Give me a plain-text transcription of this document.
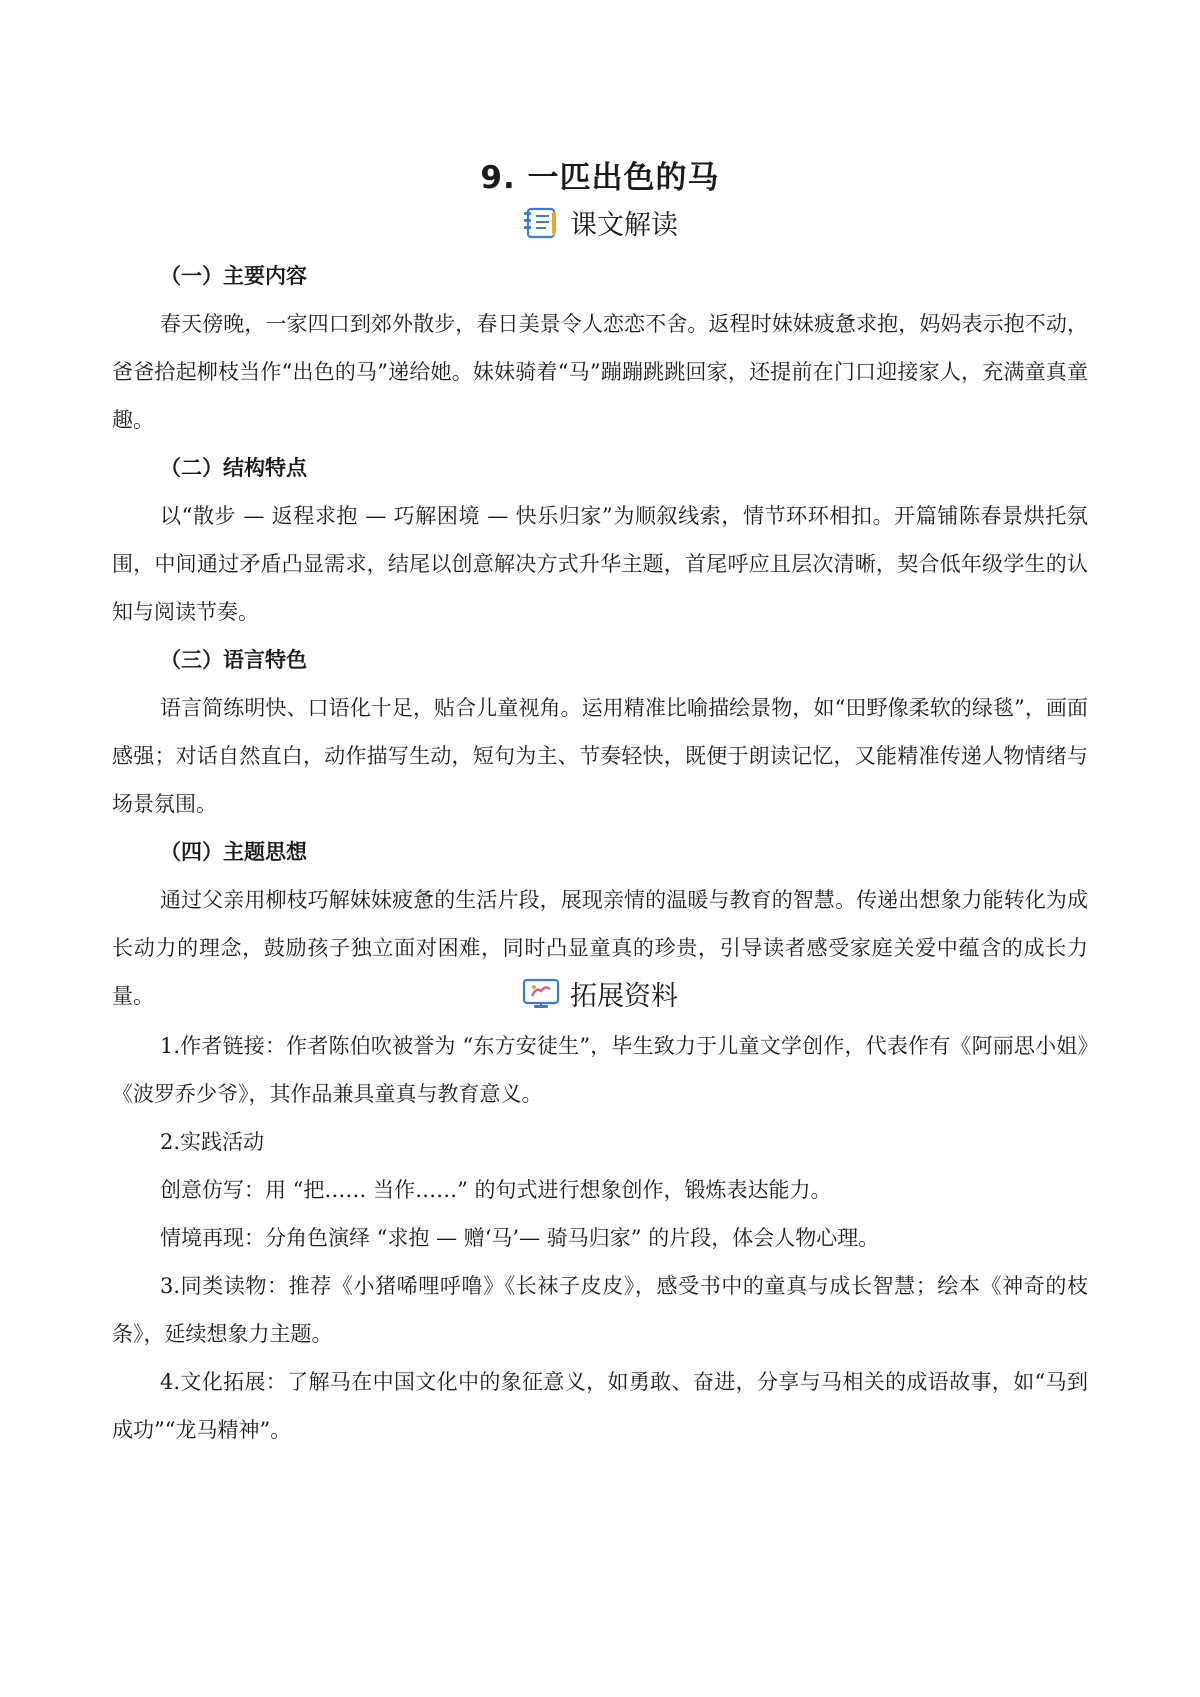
9. 一匹出色的马
课文解读
（一）主要内容

春天傍晚，一家四口到郊外散步，春日美景令人恋恋不舍。返程时妹妹疲惫求抱，妈妈表示抱不动，爸爸拾起柳枝当作“出色的马”递给她。妹妹骑着“马”蹦蹦跳跳回家，还提前在门口迎接家人，充满童真童趣。

（二）结构特点

以“散步 — 返程求抱 — 巧解困境 — 快乐归家”为顺叙线索，情节环环相扣。开篇铺陈春景烘托氛围，中间通过矛盾凸显需求，结尾以创意解决方式升华主题，首尾呼应且层次清晰，契合低年级学生的认知与阅读节奏。

（三）语言特色

语言简练明快、口语化十足，贴合儿童视角。运用精准比喻描绘景物，如“田野像柔软的绿毯”，画面感强；对话自然直白，动作描写生动，短句为主、节奏轻快，既便于朗读记忆，又能精准传递人物情绪与场景氛围。

（四）主题思想

通过父亲用柳枝巧解妹妹疲惫的生活片段，展现亲情的温暖与教育的智慧。传递出想象力能转化为成长动力的理念，鼓励孩子独立面对困难，同时凸显童真的珍贵，引导读者感受家庭关爱中蕴含的成长力量。	拓展资料

1.作者链接：作者陈伯吹被誉为 “东方安徒生”，毕生致力于儿童文学创作，代表作有《阿丽思小姐》《波罗乔少爷》，其作品兼具童真与教育意义。

2.实践活动

创意仿写：用 “把…… 当作……” 的句式进行想象创作，锻炼表达能力。

情境再现：分角色演绎 “求抱 — 赠‘马’— 骑马归家” 的片段，体会人物心理。

3.同类读物：推荐《小猪唏哩呼噜》《长袜子皮皮》，感受书中的童真与成长智慧；绘本《神奇的枝条》，延续想象力主题。

4.文化拓展：了解马在中国文化中的象征意义，如勇敢、奋进，分享与马相关的成语故事，如“马到成功”“龙马精神”。
